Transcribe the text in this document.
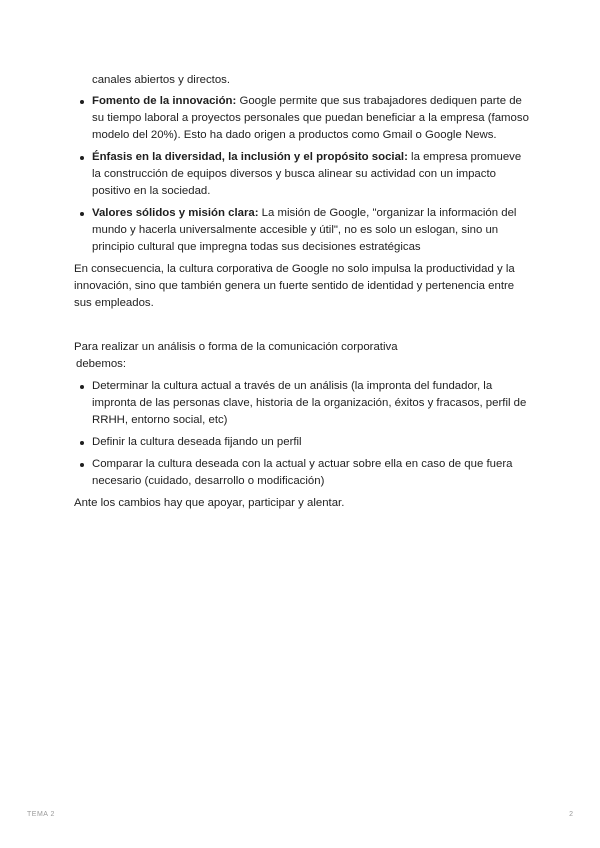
canales abiertos y directos.

Fomento de la innovación: Google permite que sus trabajadores dediquen parte de su tiempo laboral a proyectos personales que puedan beneficiar a la empresa (famoso modelo del 20%). Esto ha dado origen a productos como Gmail o Google News.
Énfasis en la diversidad, la inclusión y el propósito social: la empresa promueve la construcción de equipos diversos y busca alinear su actividad con un impacto positivo en la sociedad.
Valores sólidos y misión clara: La misión de Google, "organizar la información del mundo y hacerla universalmente accesible y útil", no es solo un eslogan, sino un principio cultural que impregna todas sus decisiones estratégicas

En consecuencia, la cultura corporativa de Google no solo impulsa la productividad y la innovación, sino que también genera un fuerte sentido de identidad y pertenencia entre sus empleados.

Para realizar un análisis o forma de la comunicación corporativa

debemos:

Determinar la cultura actual a través de un análisis (la impronta del fundador, la impronta de las personas clave, historia de la organización, éxitos y fracasos, perfil de RRHH, entorno social, etc)
Definir la cultura deseada fijando un perfil
Comparar la cultura deseada con la actual y actuar sobre ella en caso de que fuera necesario (cuidado, desarrollo o modificación)

Ante los cambios hay que apoyar, participar y alentar.

TEMA 2	2
